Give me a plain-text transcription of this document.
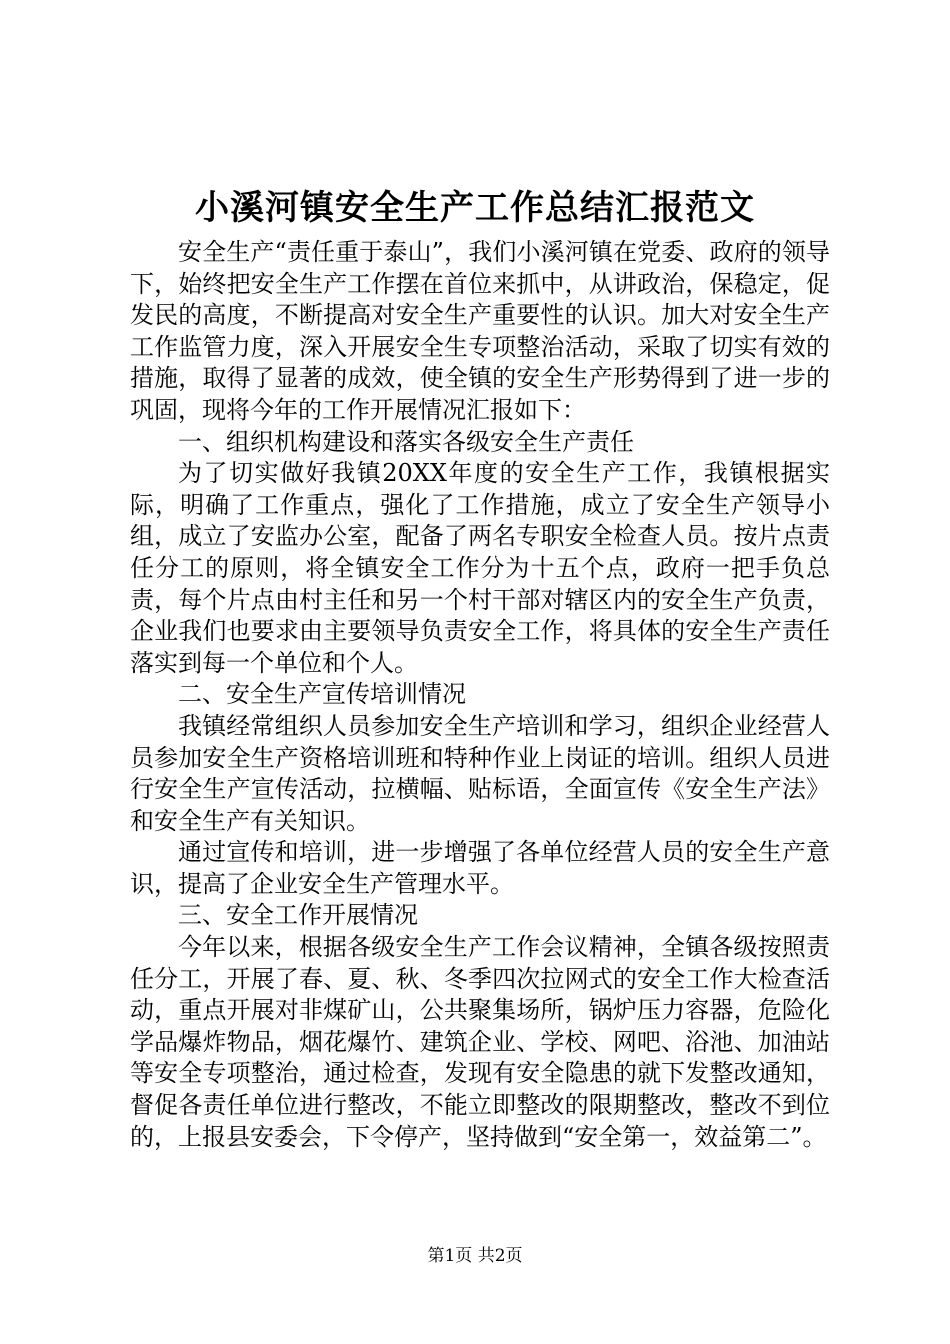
小溪河镇安全生产工作总结汇报范文

安全生产“责任重于泰山”，我们小溪河镇在党委、政府的领导下，始终把安全生产工作摆在首位来抓中，从讲政治，保稳定，促发民的高度，不断提高对安全生产重要性的认识。加大对安全生产工作监管力度，深入开展安全生专项整治活动，采取了切实有效的措施，取得了显著的成效，使全镇的安全生产形势得到了进一步的巩固，现将今年的工作开展情况汇报如下：

一、组织机构建设和落实各级安全生产责任

为了切实做好我镇20XX年度的安全生产工作，我镇根据实际，明确了工作重点，强化了工作措施，成立了安全生产领导小组，成立了安监办公室，配备了两名专职安全检查人员。按片点责任分工的原则，将全镇安全工作分为十五个点，政府一把手负总责，每个片点由村主任和另一个村干部对辖区内的安全生产负责，企业我们也要求由主要领导负责安全工作，将具体的安全生产责任落实到每一个单位和个人。

二、安全生产宣传培训情况

我镇经常组织人员参加安全生产培训和学习，组织企业经营人员参加安全生产资格培训班和特种作业上岗证的培训。组织人员进行安全生产宣传活动，拉横幅、贴标语，全面宣传《安全生产法》和安全生产有关知识。

通过宣传和培训，进一步增强了各单位经营人员的安全生产意识，提高了企业安全生产管理水平。

三、安全工作开展情况

今年以来，根据各级安全生产工作会议精神，全镇各级按照责任分工，开展了春、夏、秋、冬季四次拉网式的安全工作大检查活动，重点开展对非煤矿山，公共聚集场所，锅炉压力容器，危险化学品爆炸物品，烟花爆竹、建筑企业、学校、网吧、浴池、加油站等安全专项整治，通过检查，发现有安全隐患的就下发整改通知，督促各责任单位进行整改，不能立即整改的限期整改，整改不到位的，上报县安委会，下令停产，坚持做到“安全第一，效益第二”。

第1页 共2页
